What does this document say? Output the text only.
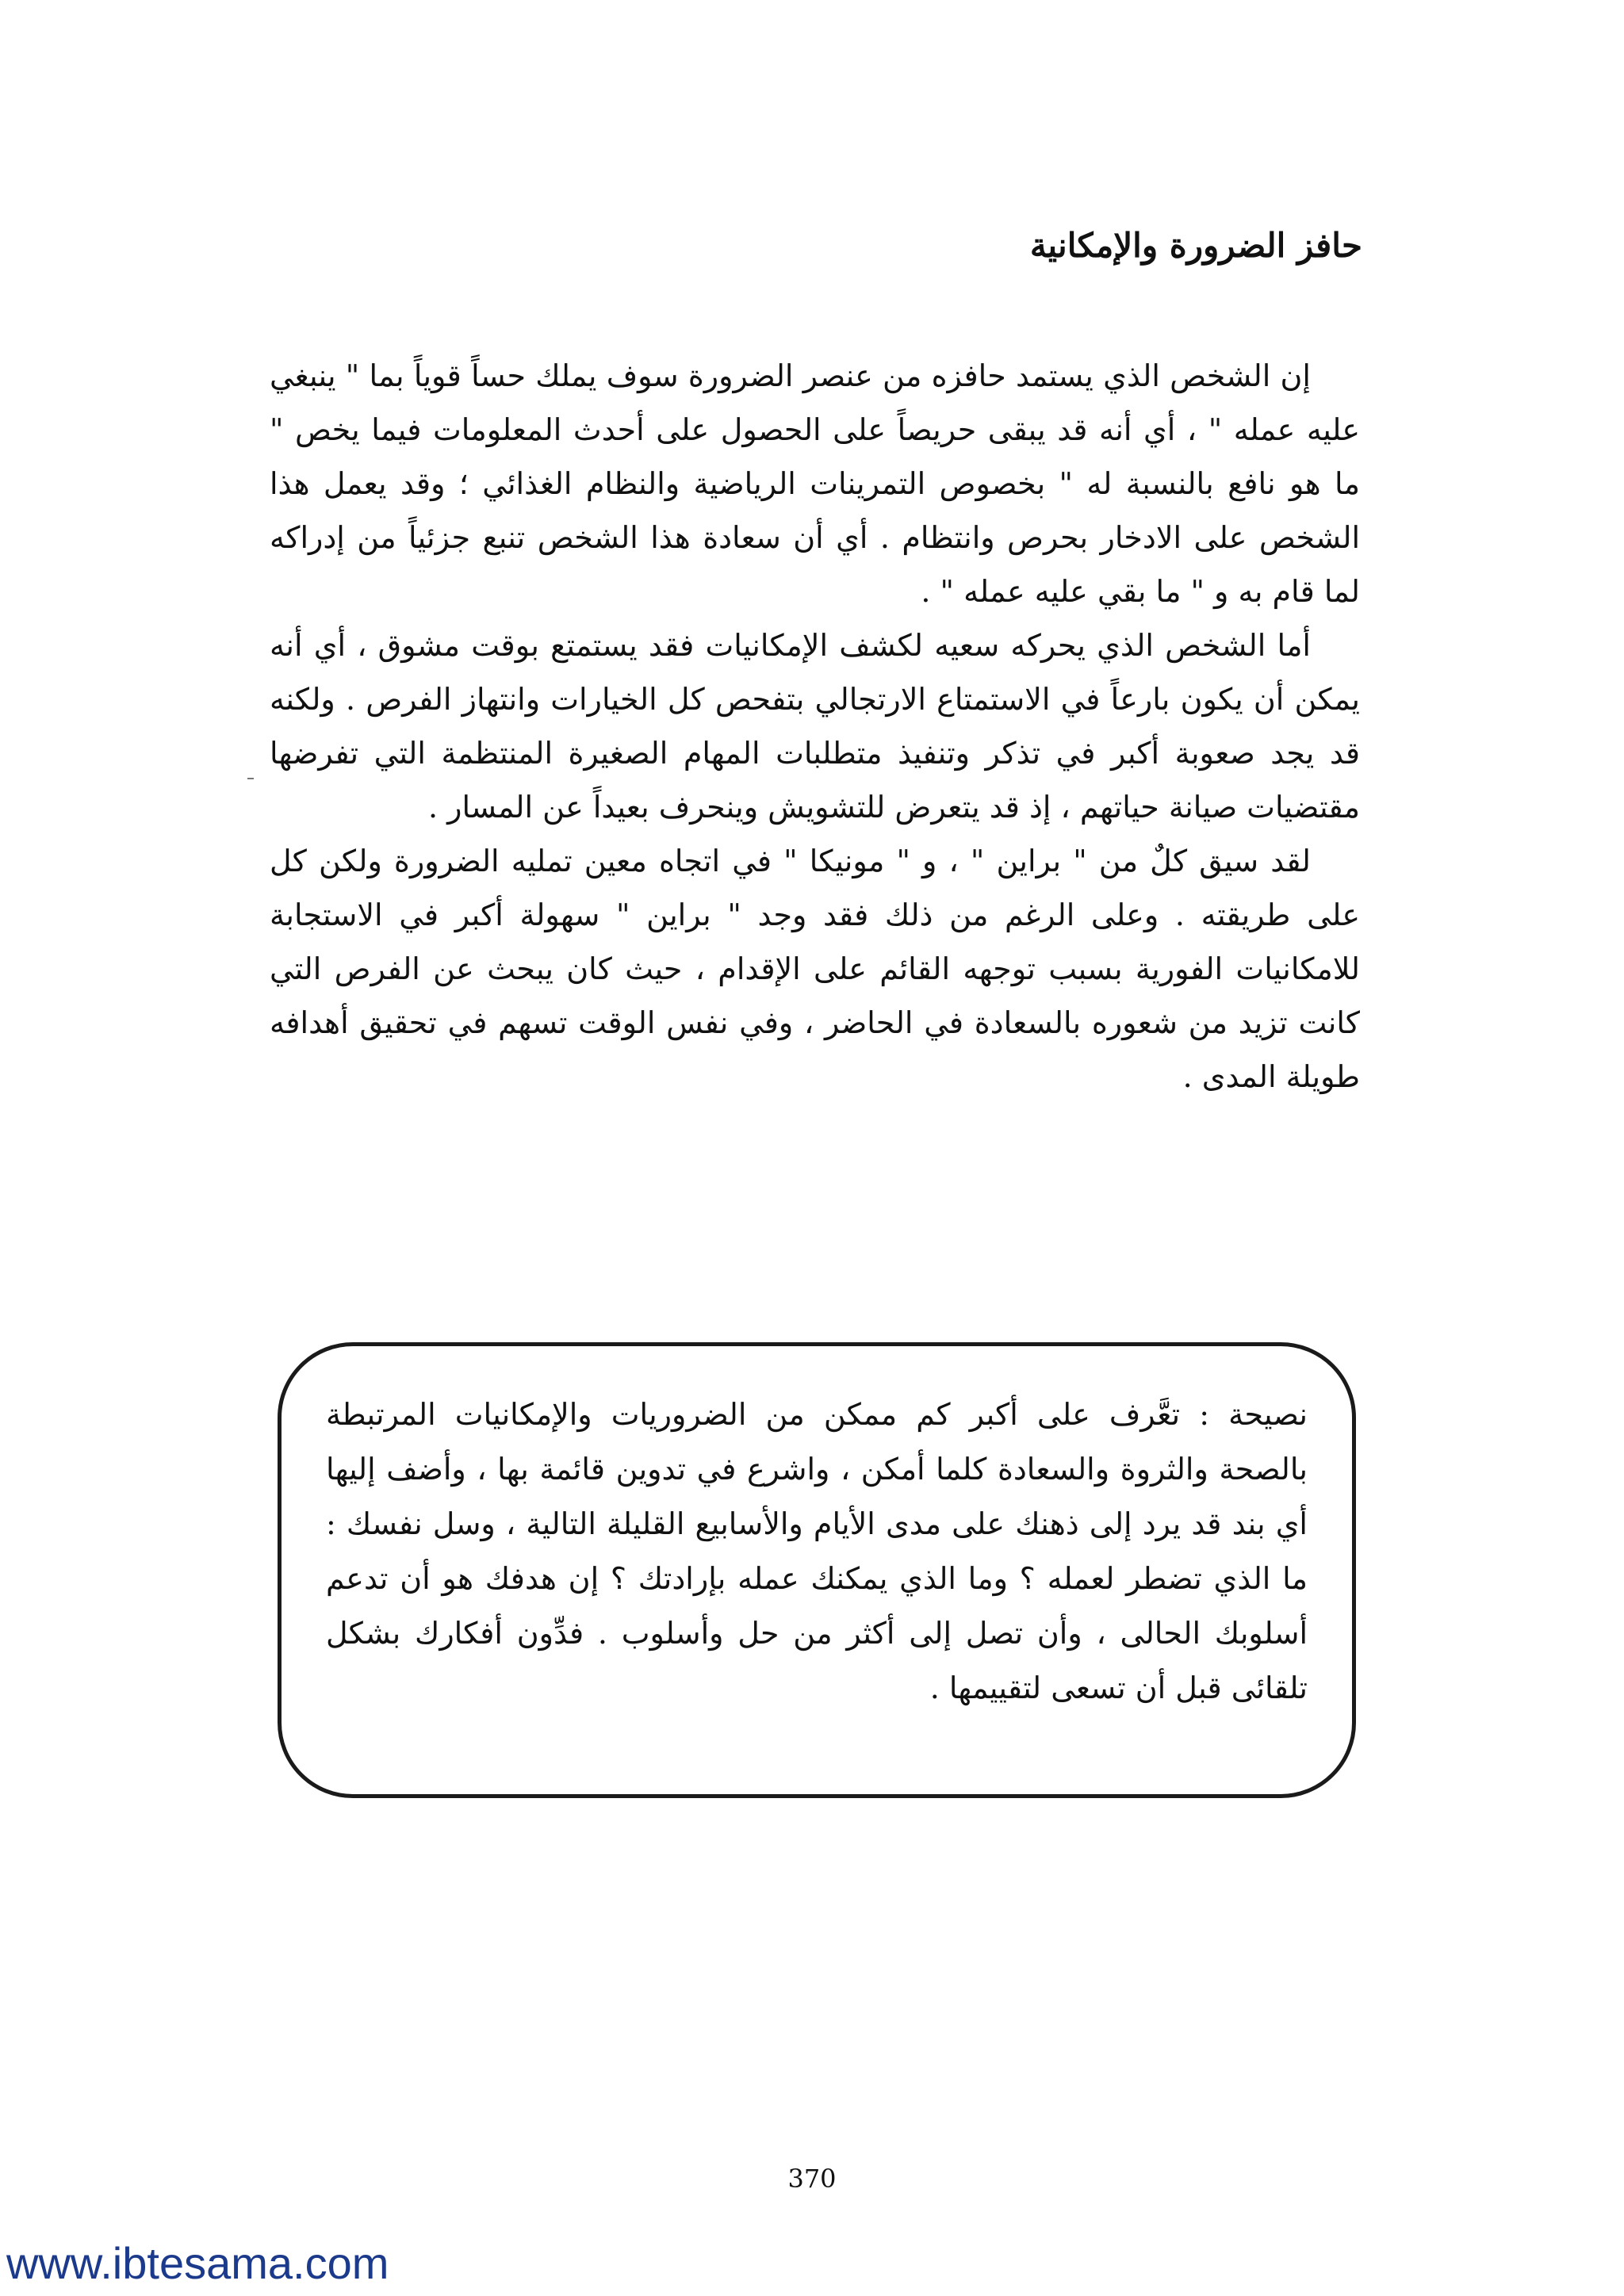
حافز الضرورة والإمكانية

إن الشخص الذي يستمد حافزه من عنصر الضرورة سوف يملك حساً قوياً بما " ينبغي عليه عمله " ، أي أنه قد يبقى حريصاً على الحصول على أحدث المعلومات فيما يخص " ما هو نافع بالنسبة له " بخصوص التمرينات الرياضية والنظام الغذائي ؛ وقد يعمل هذا الشخص على الادخار بحرص وانتظام . أي أن سعادة هذا الشخص تنبع جزئياً من إدراكه لما قام به و " ما بقي عليه عمله " .

أما الشخص الذي يحركه سعيه لكشف الإمكانيات فقد يستمتع بوقت مشوق ، أي أنه يمكن أن يكون بارعاً في الاستمتاع الارتجالي بتفحص كل الخيارات وانتهاز الفرص . ولكنه قد يجد صعوبة أكبر في تذكر وتنفيذ متطلبات المهام الصغيرة المنتظمة التي تفرضها مقتضيات صيانة حياتهم ، إذ قد يتعرض للتشويش وينحرف بعيداً عن المسار .

لقد سيق كلٌ من " براين " ، و " مونيكا " في اتجاه معين تمليه الضرورة ولكن كل على طريقته . وعلى الرغم من ذلك فقد وجد " براين " سهولة أكبر في الاستجابة للامكانيات الفورية بسبب توجهه القائم على الإقدام ، حيث كان يبحث عن الفرص التي كانت تزيد من شعوره بالسعادة في الحاضر ، وفي نفس الوقت تسهم في تحقيق أهدافه طويلة المدى .

نصيحة : تعَّرف على أكبر كم ممكن من الضروريات والإمكانيات المرتبطة بالصحة والثروة والسعادة كلما أمكن ، واشرع في تدوين قائمة بها ، وأضف إليها أي بند قد يرد إلى ذهنك على مدى الأيام والأسابيع القليلة التالية ، وسل نفسك : ما الذي تضطر لعمله ؟ وما الذي يمكنك عمله بإرادتك ؟ إن هدفك هو أن تدعم أسلوبك الحالى ، وأن تصل إلى أكثر من حل وأسلوب . فدِّون أفكارك بشكل تلقائى قبل أن تسعى لتقييمها .

370

www.ibtesama.com
